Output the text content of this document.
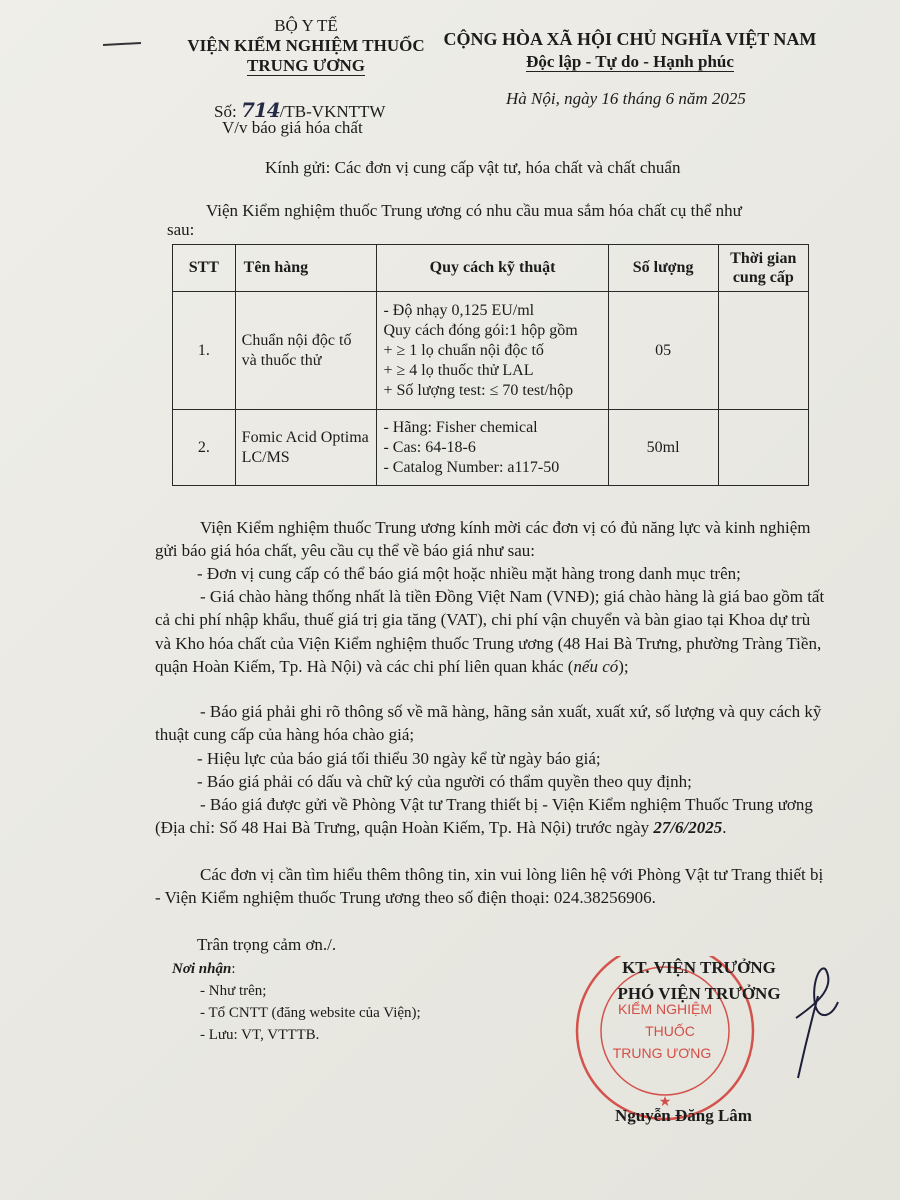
BỘ Y TẾ
VIỆN KIỂM NGHIỆM THUỐC
TRUNG ƯƠNG
CỘNG HÒA XÃ HỘI CHỦ NGHĨA VIỆT NAM
Độc lập - Tự do - Hạnh phúc
Số: 714/TB-VKNTTW
V/v báo giá hóa chất
Hà Nội, ngày 16 tháng 6 năm 2025
Kính gửi: Các đơn vị cung cấp vật tư, hóa chất và chất chuẩn
Viện Kiểm nghiệm thuốc Trung ương có nhu cầu mua sắm hóa chất cụ thể như
sau:
STT	Tên hàng	Quy cách kỹ thuật	Số lượng	Thời gian cung cấp
1.	Chuẩn nội độc tố và thuốc thử	- Độ nhạy 0,125 EU/ml
Quy cách đóng gói:1 hộp gồm
+ ≥ 1 lọ chuẩn nội độc tố
+ ≥ 4 lọ thuốc thử LAL
+ Số lượng test: ≤ 70 test/hộp	05	
2.	Fomic Acid Optima LC/MS	- Hãng: Fisher chemical
- Cas: 64-18-6
- Catalog Number: a117-50	50ml	
Viện Kiểm nghiệm thuốc Trung ương kính mời các đơn vị có đủ năng lực và kinh nghiệm gửi báo giá hóa chất, yêu cầu cụ thể về báo giá như sau:
- Đơn vị cung cấp có thể báo giá một hoặc nhiều mặt hàng trong danh mục trên;
- Giá chào hàng thống nhất là tiền Đồng Việt Nam (VNĐ); giá chào hàng là giá bao gồm tất cả chi phí nhập khẩu, thuế giá trị gia tăng (VAT), chi phí vận chuyển và bàn giao tại Khoa dự trù và Kho hóa chất của Viện Kiểm nghiệm thuốc Trung ương (48 Hai Bà Trưng, phường Tràng Tiền, quận Hoàn Kiếm, Tp. Hà Nội) và các chi phí liên quan khác (nếu có);
- Báo giá phải ghi rõ thông số về mã hàng, hãng sản xuất, xuất xứ, số lượng và quy cách kỹ thuật cung cấp của hàng hóa chào giá;
- Hiệu lực của báo giá tối thiểu 30 ngày kể từ ngày báo giá;
- Báo giá phải có dấu và chữ ký của người có thẩm quyền theo quy định;
- Báo giá được gửi về Phòng Vật tư Trang thiết bị - Viện Kiểm nghiệm Thuốc Trung ương (Địa chỉ: Số 48 Hai Bà Trưng, quận Hoàn Kiếm, Tp. Hà Nội) trước ngày 27/6/2025.
Các đơn vị cần tìm hiểu thêm thông tin, xin vui lòng liên hệ với Phòng Vật tư Trang thiết bị - Viện Kiểm nghiệm thuốc Trung ương theo số điện thoại: 024.38256906.
Trân trọng cảm ơn./.
Nơi nhận:
- Như trên;
- Tổ CNTT (đăng website của Viện);
- Lưu: VT, VTTTB.
KIỂM NGHIỆM
THUỐC
TRUNG ƯƠNG
★
KT. VIỆN TRƯỞNG
PHÓ VIỆN TRƯỞNG
Nguyễn Đăng Lâm
